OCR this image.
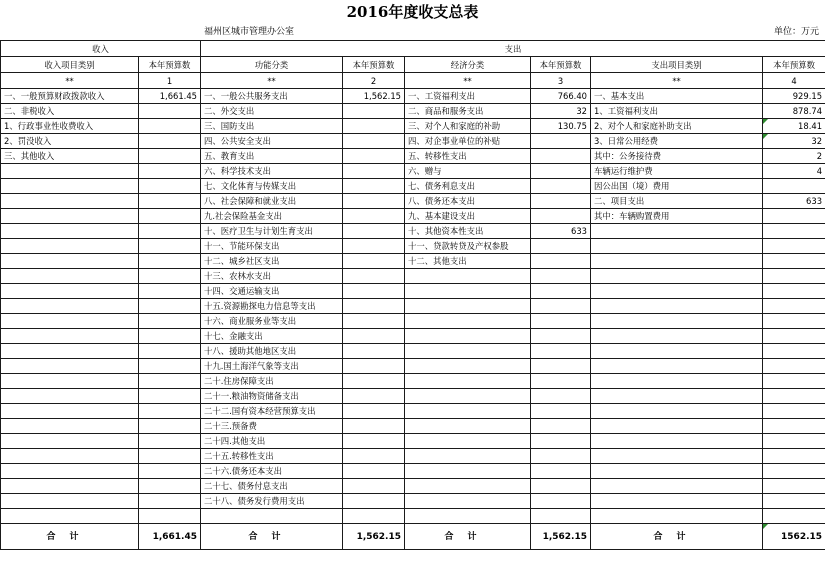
2016年度收支总表
福州区城市管理办公室	单位：万元
收入		支出					
收入项目类别	本年预算数	功能分类	本年预算数	经济分类	本年预算数	支出项目类别	本年预算数
**	1	**	2	**	3	**	4
一、一般预算财政拨款收入	1,661.45	一、一般公共服务支出	1,562.15	一、工资福利支出	766.40	一、基本支出	929.15
二、非税收入		二、外交支出		二、商品和服务支出	32	1、工资福利支出	878.74
1、行政事业性收费收入		三、国防支出		三、对个人和家庭的补助	130.75	2、对个人和家庭补助支出	18.41
2、罚没收入		四、公共安全支出		四、对企事业单位的补贴		3、日常公用经费	32
三、其他收入		五、教育支出		五、转移性支出		其中：公务接待费	2
		六、科学技术支出		六、赠与		车辆运行维护费	4
		七、文化体育与传媒支出		七、债务利息支出		因公出国（境）费用	
		八、社会保障和就业支出		八、债务还本支出		二、项目支出	633
		九.社会保险基金支出		九、基本建设支出		其中：车辆购置费用	
		十、医疗卫生与计划生育支出		十、其他资本性支出	633		
		十一、节能环保支出		十一、贷款转贷及产权参股			
		十二、城乡社区支出		十二、其他支出			
		十三、农林水支出					
		十四、交通运输支出					
		十五.资源勘探电力信息等支出					
		十六、商业服务业等支出					
		十七、金融支出					
		十八、援助其他地区支出					
		十九.国土海洋气象等支出					
		二十.住房保障支出					
		二十一.粮油物资储备支出					
		二十二.国有资本经营预算支出					
		二十三.预备费					
		二十四.其他支出					
		二十五.转移性支出					
		二十六.债务还本支出					
		二十七、债务付息支出					
		二十八、债务发行费用支出					

合计	1,661.45	合计	1,562.15	合计	1,562.15	合计	1562.15
